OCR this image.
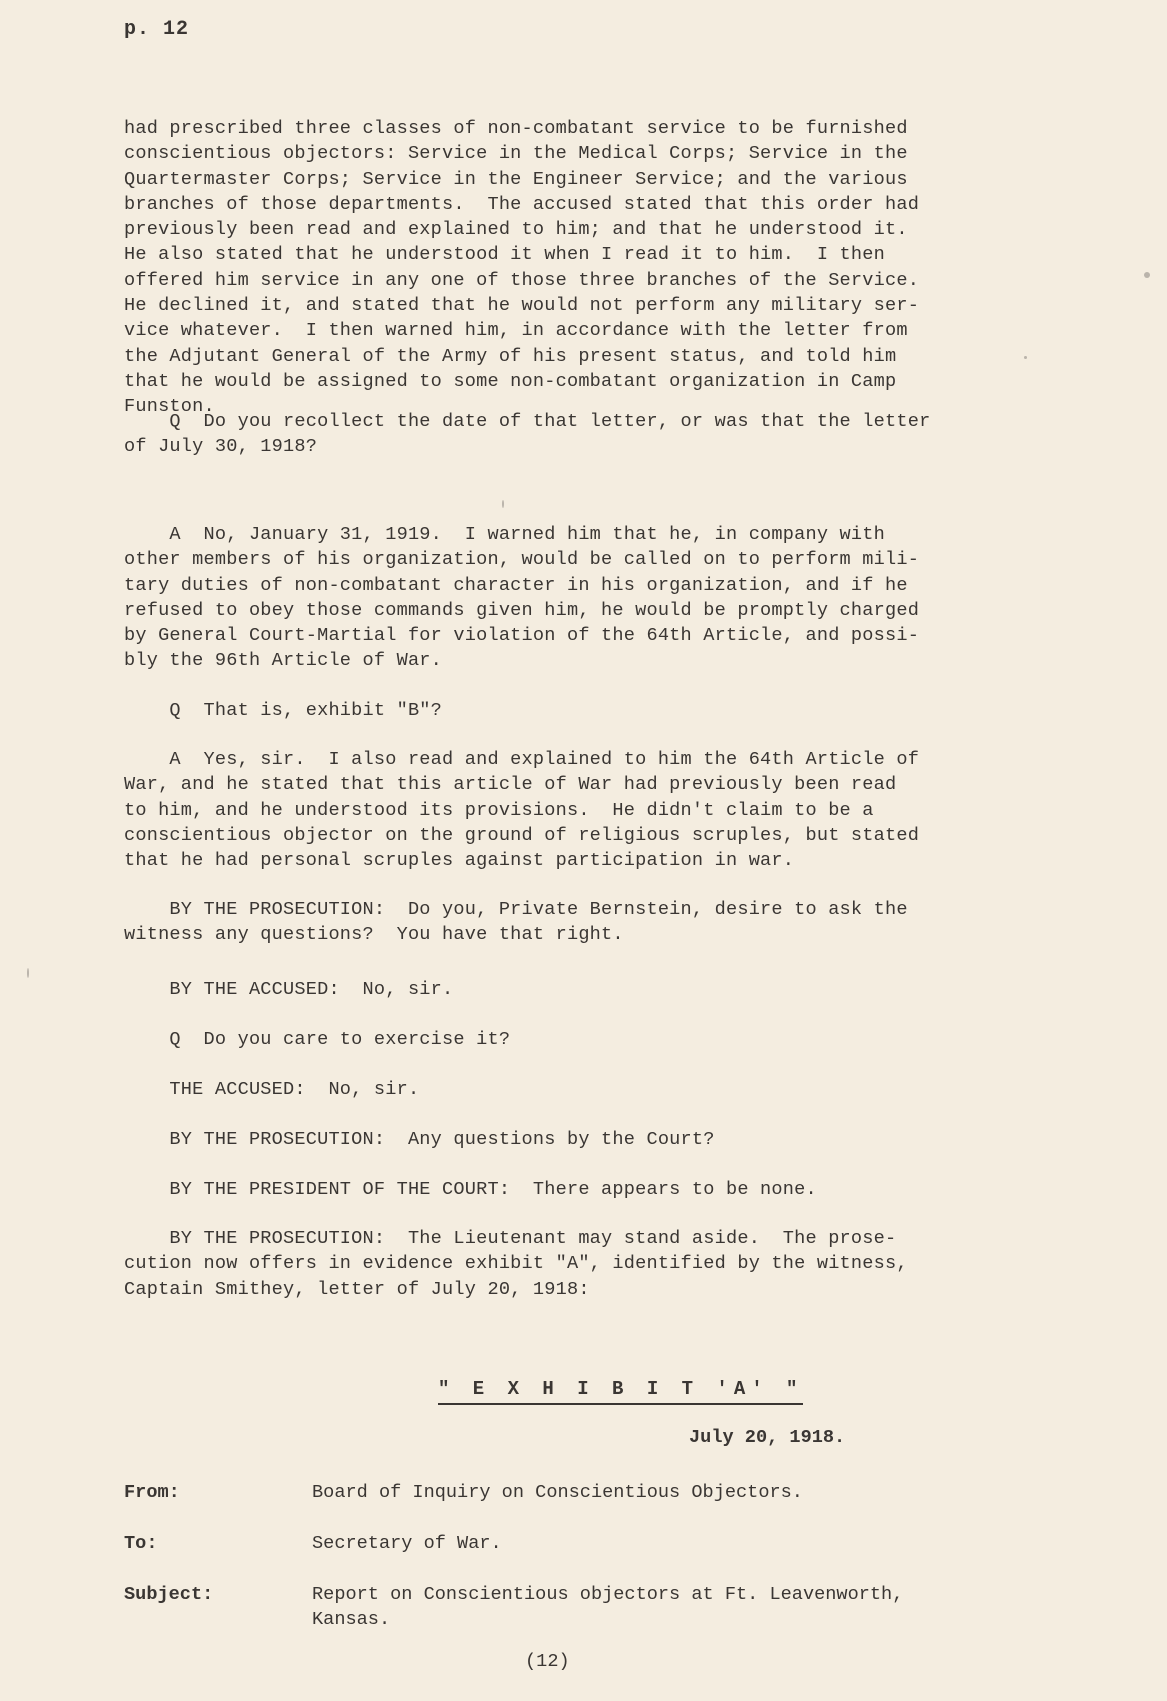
p. 12
had prescribed three classes of non-combatant service to be furnished
conscientious objectors: Service in the Medical Corps; Service in the
Quartermaster Corps; Service in the Engineer Service; and the various
branches of those departments.  The accused stated that this order had
previously been read and explained to him; and that he understood it.
He also stated that he understood it when I read it to him.  I then
offered him service in any one of those three branches of the Service.
He declined it, and stated that he would not perform any military ser-
vice whatever.  I then warned him, in accordance with the letter from
the Adjutant General of the Army of his present status, and told him
that he would be assigned to some non-combatant organization in Camp
Funston.
Q  Do you recollect the date of that letter, or was that the letter
of July 30, 1918?
A  No, January 31, 1919.  I warned him that he, in company with
other members of his organization, would be called on to perform mili-
tary duties of non-combatant character in his organization, and if he
refused to obey those commands given him, he would be promptly charged
by General Court-Martial for violation of the 64th Article, and possi-
bly the 96th Article of War.
Q  That is, exhibit "B"?
A  Yes, sir.  I also read and explained to him the 64th Article of
War, and he stated that this article of War had previously been read
to him, and he understood its provisions.  He didn't claim to be a
conscientious objector on the ground of religious scruples, but stated
that he had personal scruples against participation in war.
BY THE PROSECUTION:  Do you, Private Bernstein, desire to ask the
witness any questions?  You have that right.
BY THE ACCUSED:  No, sir.
Q  Do you care to exercise it?
THE ACCUSED:  No, sir.
BY THE PROSECUTION:  Any questions by the Court?
BY THE PRESIDENT OF THE COURT:  There appears to be none.
BY THE PROSECUTION:  The Lieutenant may stand aside.  The prose-
cution now offers in evidence exhibit "A", identified by the witness,
Captain Smithey, letter of July 20, 1918:
" E X H I B I T 'A' "
July 20, 1918.
From:	Board of Inquiry on Conscientious Objectors.
To:	Secretary of War.
Subject:	Report on Conscientious objectors at Ft. Leavenworth,
Kansas.
(12)
